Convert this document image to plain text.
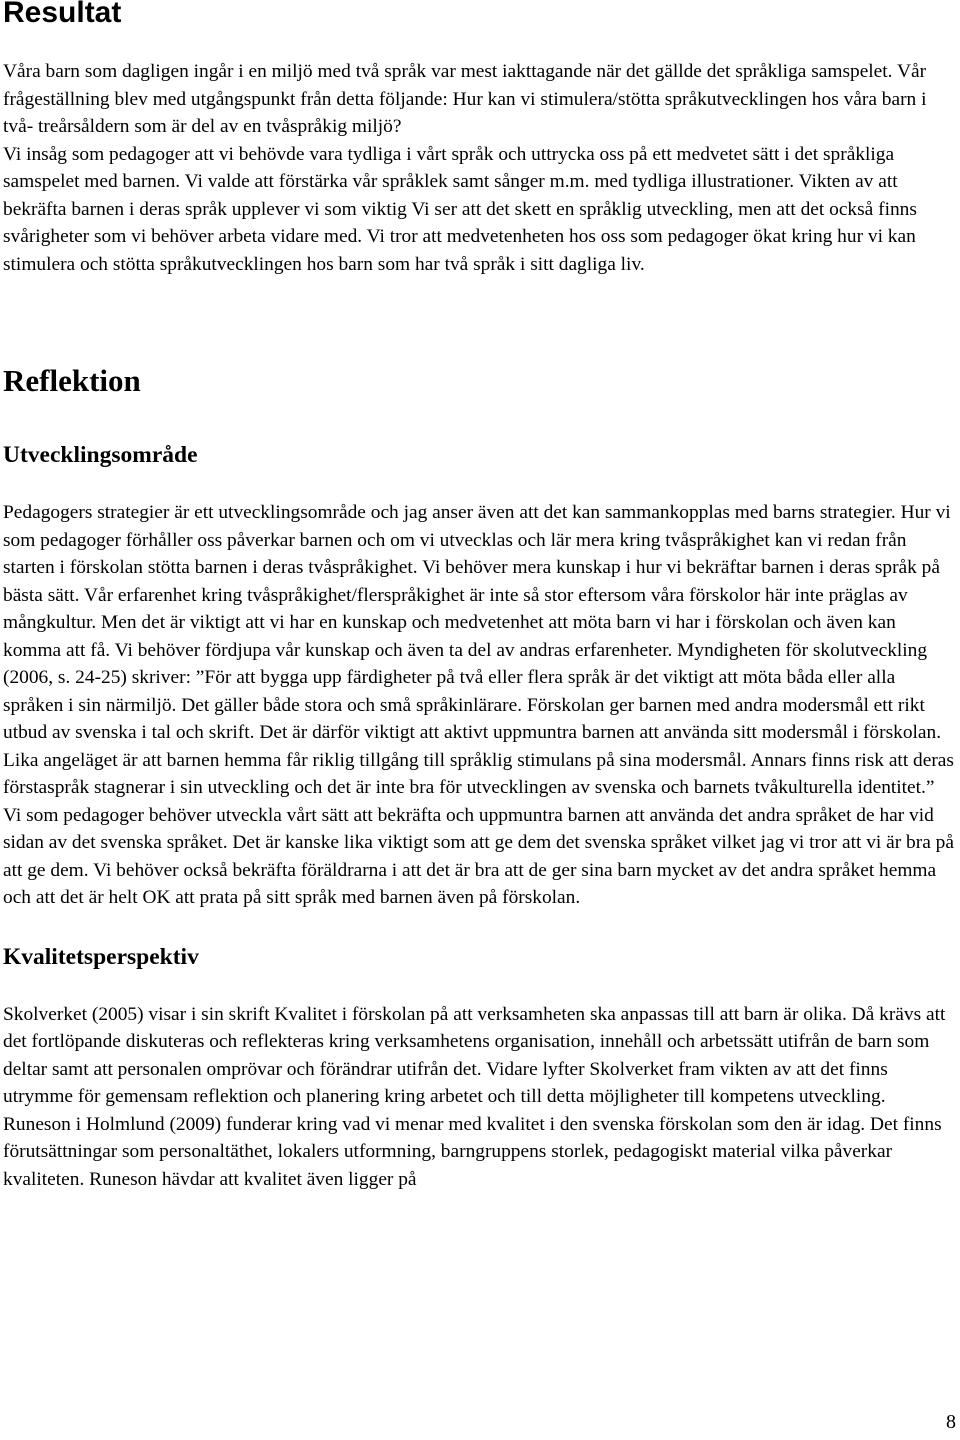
Resultat

Våra barn som dagligen ingår i en miljö med två språk var mest iakttagande när det gällde det språkliga samspelet. Vår frågeställning blev med utgångspunkt från detta följande: Hur kan vi stimulera/stötta språkutvecklingen hos våra barn i två- treårsåldern som är del av en tvåspråkig miljö?

Vi insåg som pedagoger att vi behövde vara tydliga i vårt språk och uttrycka oss på ett medvetet sätt i det språkliga samspelet med barnen. Vi valde att förstärka vår språklek samt sånger m.m. med tydliga illustrationer. Vikten av att bekräfta barnen i deras språk upplever vi som viktig Vi ser att det skett en språklig utveckling, men att det också finns svårigheter som vi behöver arbeta vidare med. Vi tror att medvetenheten hos oss som pedagoger ökat kring hur vi kan stimulera och stötta språkutvecklingen hos barn som har två språk i sitt dagliga liv.

Reflektion
Utvecklingsområde

Pedagogers strategier är ett utvecklingsområde och jag anser även att det kan sammankopplas med barns strategier. Hur vi som pedagoger förhåller oss påverkar barnen och om vi utvecklas och lär mera kring tvåspråkighet kan vi redan från starten i förskolan stötta barnen i deras tvåspråkighet. Vi behöver mera kunskap i hur vi bekräftar barnen i deras språk på bästa sätt. Vår erfarenhet kring tvåspråkighet/flerspråkighet är inte så stor eftersom våra förskolor här inte präglas av mångkultur. Men det är viktigt att vi har en kunskap och medvetenhet att möta barn vi har i förskolan och även kan komma att få. Vi behöver fördjupa vår kunskap och även ta del av andras erfarenheter. Myndigheten för skolutveckling (2006, s. 24-25) skriver: ”För att bygga upp färdigheter på två eller flera språk är det viktigt att möta båda eller alla språken i sin närmiljö. Det gäller både stora och små språkinlärare. Förskolan ger barnen med andra modersmål ett rikt utbud av svenska i tal och skrift. Det är därför viktigt att aktivt uppmuntra barnen att använda sitt modersmål i förskolan. Lika angeläget är att barnen hemma får riklig tillgång till språklig stimulans på sina modersmål. Annars finns risk att deras förstaspråk stagnerar i sin utveckling och det är inte bra för utvecklingen av svenska och barnets tvåkulturella identitet.”

Vi som pedagoger behöver utveckla vårt sätt att bekräfta och uppmuntra barnen att använda det andra språket de har vid sidan av det svenska språket. Det är kanske lika viktigt som att ge dem det svenska språket vilket jag vi tror att vi är bra på att ge dem. Vi behöver också bekräfta föräldrarna i att det är bra att de ger sina barn mycket av det andra språket hemma och att det är helt OK att prata på sitt språk med barnen även på förskolan.

Kvalitetsperspektiv

Skolverket (2005) visar i sin skrift Kvalitet i förskolan på att verksamheten ska anpassas till att barn är olika. Då krävs att det fortlöpande diskuteras och reflekteras kring verksamhetens organisation, innehåll och arbetssätt utifrån de barn som deltar samt att personalen omprövar och förändrar utifrån det. Vidare lyfter Skolverket fram vikten av att det finns utrymme för gemensam reflektion och planering kring arbetet och till detta möjligheter till kompetens utveckling.

Runeson i Holmlund (2009) funderar kring vad vi menar med kvalitet i den svenska förskolan som den är idag. Det finns förutsättningar som personaltäthet, lokalers utformning, barngruppens storlek, pedagogiskt material vilka påverkar kvaliteten. Runeson hävdar att kvalitet även ligger på

8
